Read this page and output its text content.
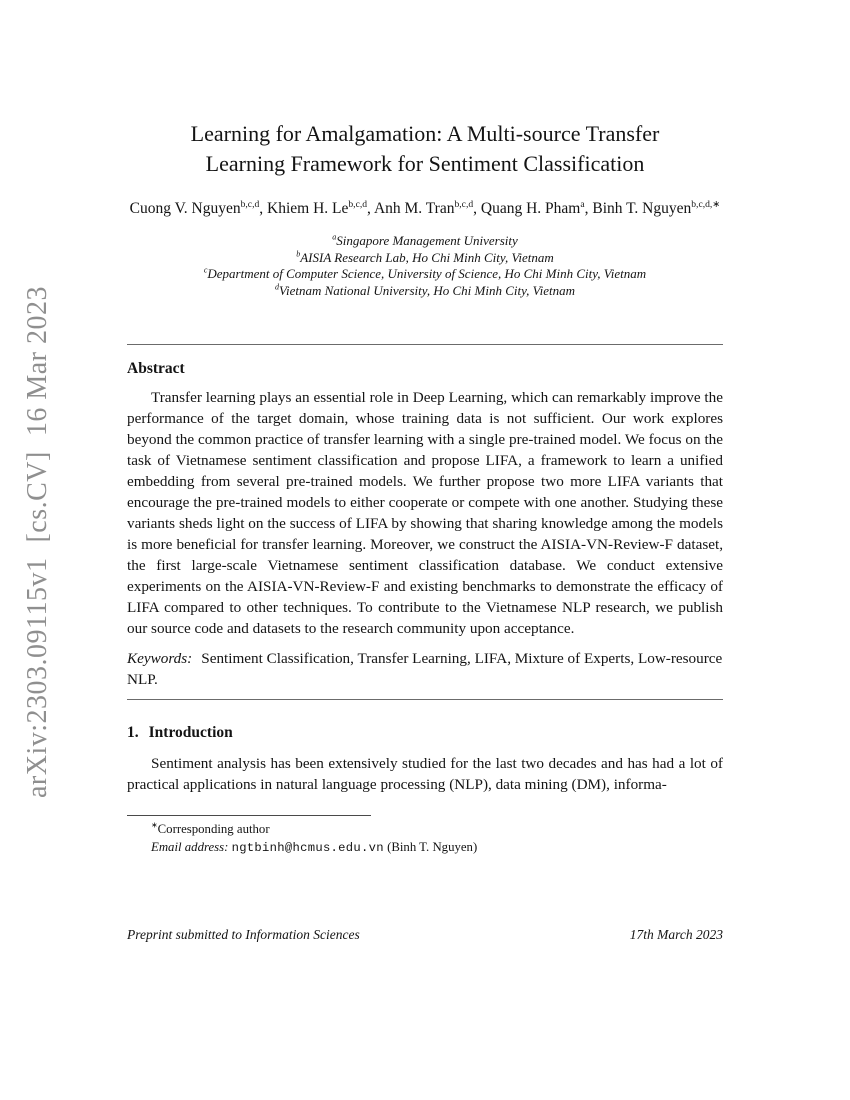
arXiv:2303.09115v1  [cs.CV]  16 Mar 2023
Learning for Amalgamation: A Multi-source Transfer
Learning Framework for Sentiment Classification
Cuong V. Nguyen$^{b,c,d}$, Khiem H. Le$^{b,c,d}$, Anh M. Tran$^{b,c,d}$, Quang H. Pham$^a$, Binh T. Nguyen$^{b,c,d,∗}$
$^a$Singapore Management University
$^b$AISIA Research Lab, Ho Chi Minh City, Vietnam
$^c$Department of Computer Science, University of Science, Ho Chi Minh City, Vietnam
$^d$Vietnam National University, Ho Chi Minh City, Vietnam
Abstract

Transfer learning plays an essential role in Deep Learning, which can remarkably improve the performance of the target domain, whose training data is not sufficient. Our work explores beyond the common practice of transfer learning with a single pre-trained model. We focus on the task of Vietnamese sentiment classification and propose LIFA, a framework to learn a unified embedding from several pre-trained models. We further propose two more LIFA variants that encourage the pre-trained models to either cooperate or compete with one another. Studying these variants sheds light on the success of LIFA by showing that sharing knowledge among the models is more beneficial for transfer learning. Moreover, we construct the AISIA-VN-Review-F dataset, the first large-scale Vietnamese sentiment classification database. We conduct extensive experiments on the AISIA-VN-Review-F and existing benchmarks to demonstrate the efficacy of LIFA compared to other techniques. To contribute to the Vietnamese NLP research, we publish our source code and datasets to the research community upon acceptance.

Keywords: Sentiment Classification, Transfer Learning, LIFA, Mixture of Experts, Low-resource NLP.

1. Introduction

Sentiment analysis has been extensively studied for the last two decades and has had a lot of practical applications in natural language processing (NLP), data mining (DM), informa-

∗Corresponding author
Email address: ngtbinh@hcmus.edu.vn (Binh T. Nguyen)
Preprint submitted to Information Sciences	17th March 2023
